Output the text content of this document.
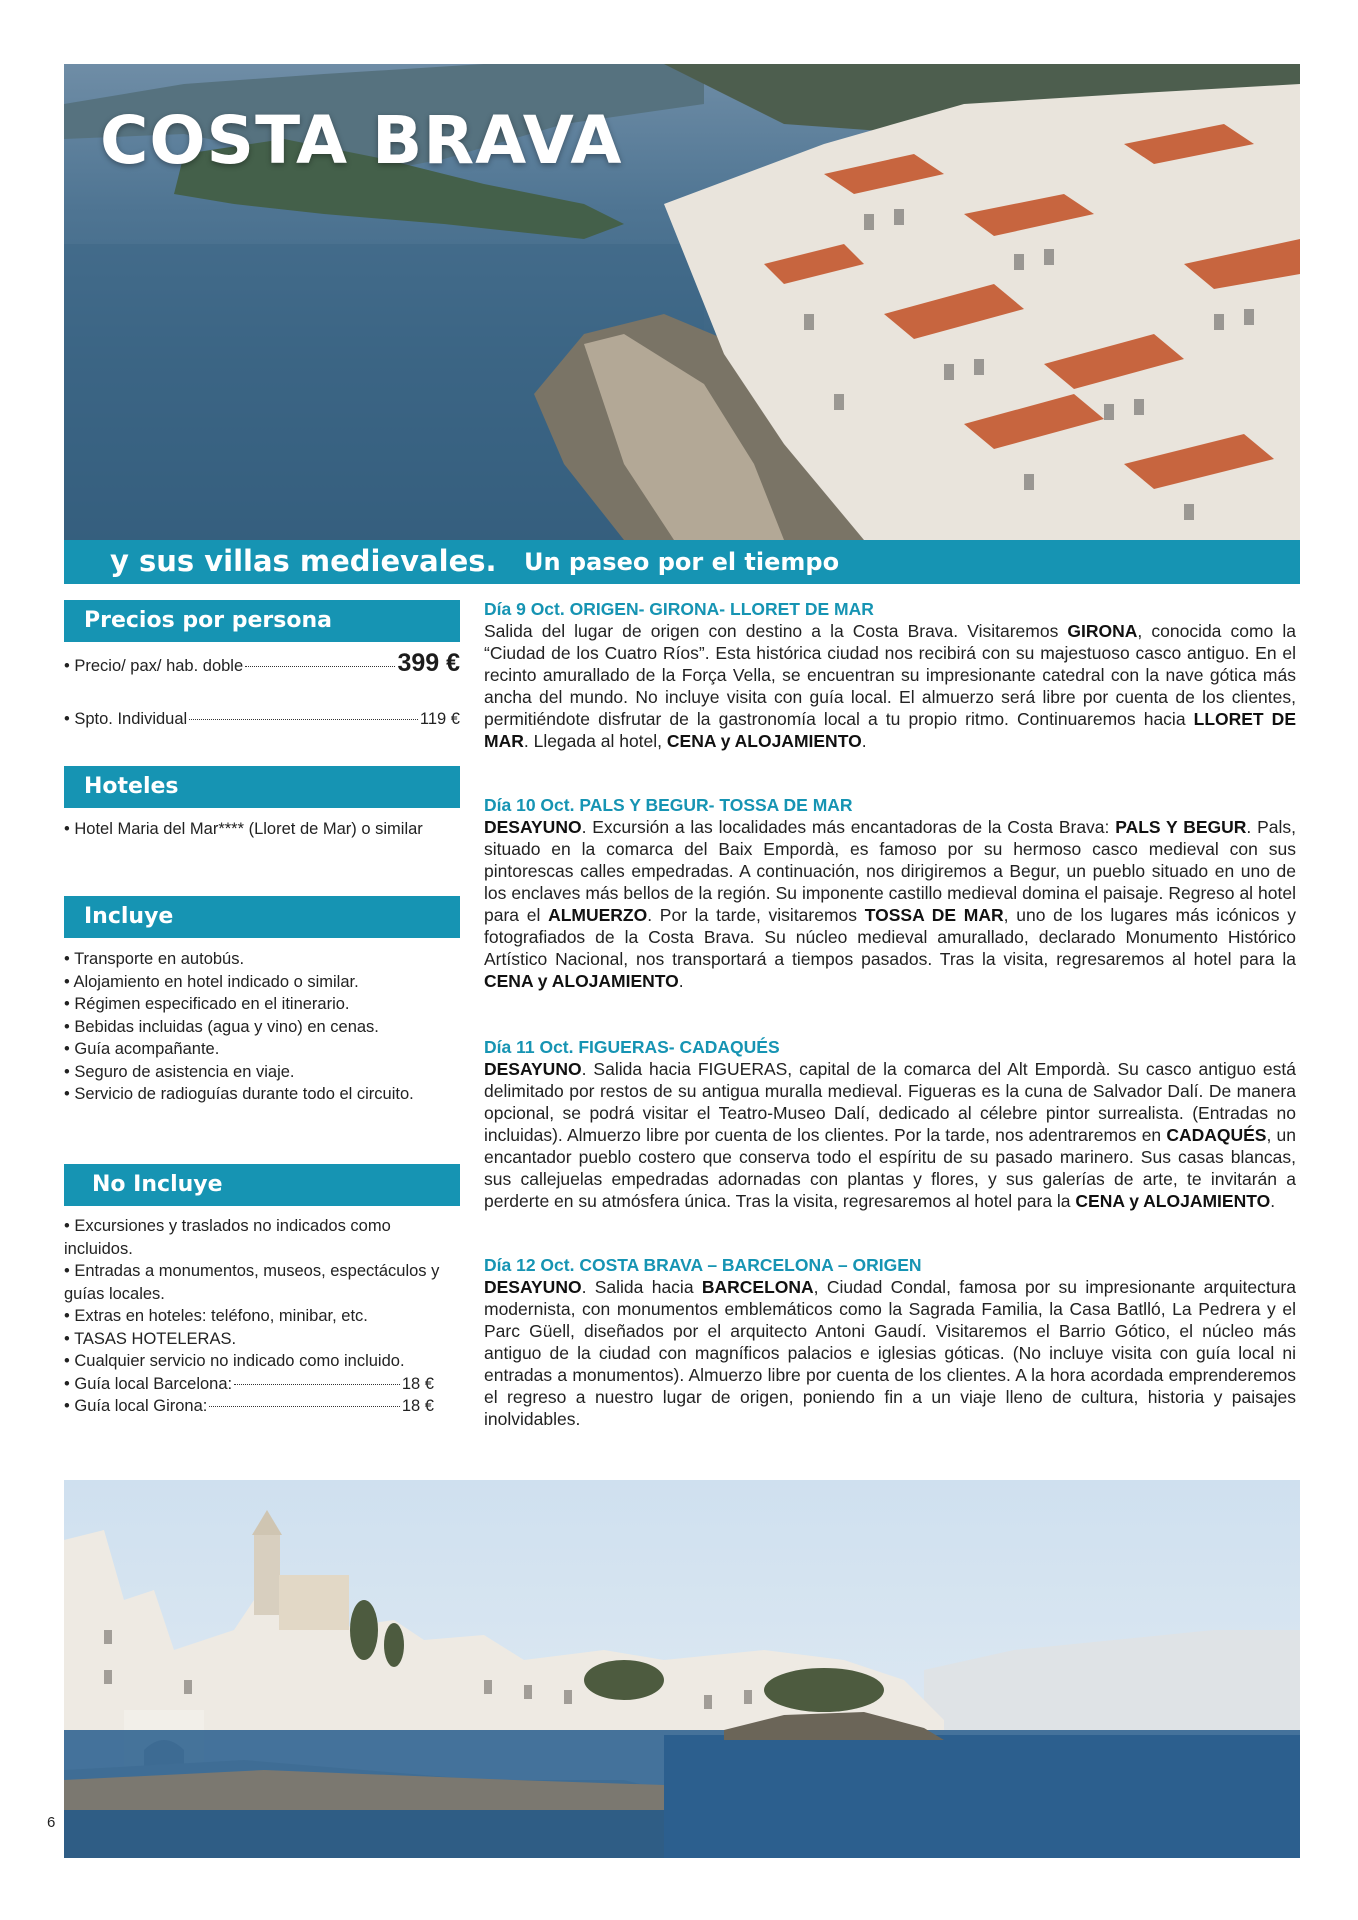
COSTA BRAVA
y sus villas medievales. Un paseo por el tiempo
Precios por persona
• Precio/ pax/ hab. doble	399 €
• Spto. Individual	119 €
Hoteles
• Hotel Maria del Mar**** (Lloret de Mar) o similar
Incluye
• Transporte en autobús.
• Alojamiento en hotel indicado o similar.
• Régimen especificado en el itinerario.
• Bebidas incluidas (agua y vino) en cenas.
• Guía acompañante.
• Seguro de asistencia en viaje.
• Servicio de radioguías durante todo el circuito.
No Incluye
• Excursiones y traslados no indicados como incluidos.
• Entradas a monumentos, museos, espectáculos y guías locales.
• Extras en hoteles: teléfono, minibar, etc.
• TASAS HOTELERAS.
• Cualquier servicio no indicado como incluido.
• Guía local Barcelona:	18 €
• Guía local Girona:	18 €
Día 9 Oct. ORIGEN- GIRONA- LLORET DE MAR

Salida del lugar de origen con destino a la Costa Brava. Visitaremos GIRONA, conocida como la “Ciudad de los Cuatro Ríos”. Esta histórica ciudad nos recibirá con su majestuoso casco antiguo. En el recinto amurallado de la Força Vella, se encuentran su impresionante catedral con la nave gótica más ancha del mundo. No incluye visita con guía local. El almuerzo será libre por cuenta de los clientes, permitiéndote disfrutar de la gastronomía local a tu propio ritmo. Continuaremos hacia LLORET DE MAR. Llegada al hotel, CENA y ALOJAMIENTO.

Día 10 Oct. PALS Y BEGUR- TOSSA DE MAR

DESAYUNO. Excursión a las localidades más encantadoras de la Costa Brava: PALS Y BEGUR. Pals, situado en la comarca del Baix Empordà, es famoso por su hermoso casco medieval con sus pintorescas calles empedradas. A continuación, nos dirigiremos a Begur, un pueblo situado en uno de los enclaves más bellos de la región. Su imponente castillo medieval domina el paisaje. Regreso al hotel para el ALMUERZO. Por la tarde, visitaremos TOSSA DE MAR, uno de los lugares más icónicos y fotografiados de la Costa Brava. Su núcleo medieval amurallado, declarado Monumento Histórico Artístico Nacional, nos transportará a tiempos pasados. Tras la visita, regresaremos al hotel para la CENA y ALOJAMIENTO.

Día 11 Oct. FIGUERAS- CADAQUÉS

DESAYUNO. Salida hacia FIGUERAS, capital de la comarca del Alt Empordà. Su casco antiguo está delimitado por restos de su antigua muralla medieval. Figueras es la cuna de Salvador Dalí. De manera opcional, se podrá visitar el Teatro-Museo Dalí, dedicado al célebre pintor surrealista. (Entradas no incluidas). Almuerzo libre por cuenta de los clientes. Por la tarde, nos adentraremos en CADAQUÉS, un encantador pueblo costero que conserva todo el espíritu de su pasado marinero. Sus casas blancas, sus callejuelas empedradas adornadas con plantas y flores, y sus galerías de arte, te invitarán a perderte en su atmósfera única. Tras la visita, regresaremos al hotel para la CENA y ALOJAMIENTO.

Día 12 Oct. COSTA BRAVA – BARCELONA – ORIGEN

DESAYUNO. Salida hacia BARCELONA, Ciudad Condal, famosa por su impresionante arquitectura modernista, con monumentos emblemáticos como la Sagrada Familia, la Casa Batlló, La Pedrera y el Parc Güell, diseñados por el arquitecto Antoni Gaudí. Visitaremos el Barrio Gótico, el núcleo más antiguo de la ciudad con magníficos palacios e iglesias góticas. (No incluye visita con guía local ni entradas a monumentos). Almuerzo libre por cuenta de los clientes. A la hora acordada emprenderemos el regreso a nuestro lugar de origen, poniendo fin a un viaje lleno de cultura, historia y paisajes inolvidables.

6
